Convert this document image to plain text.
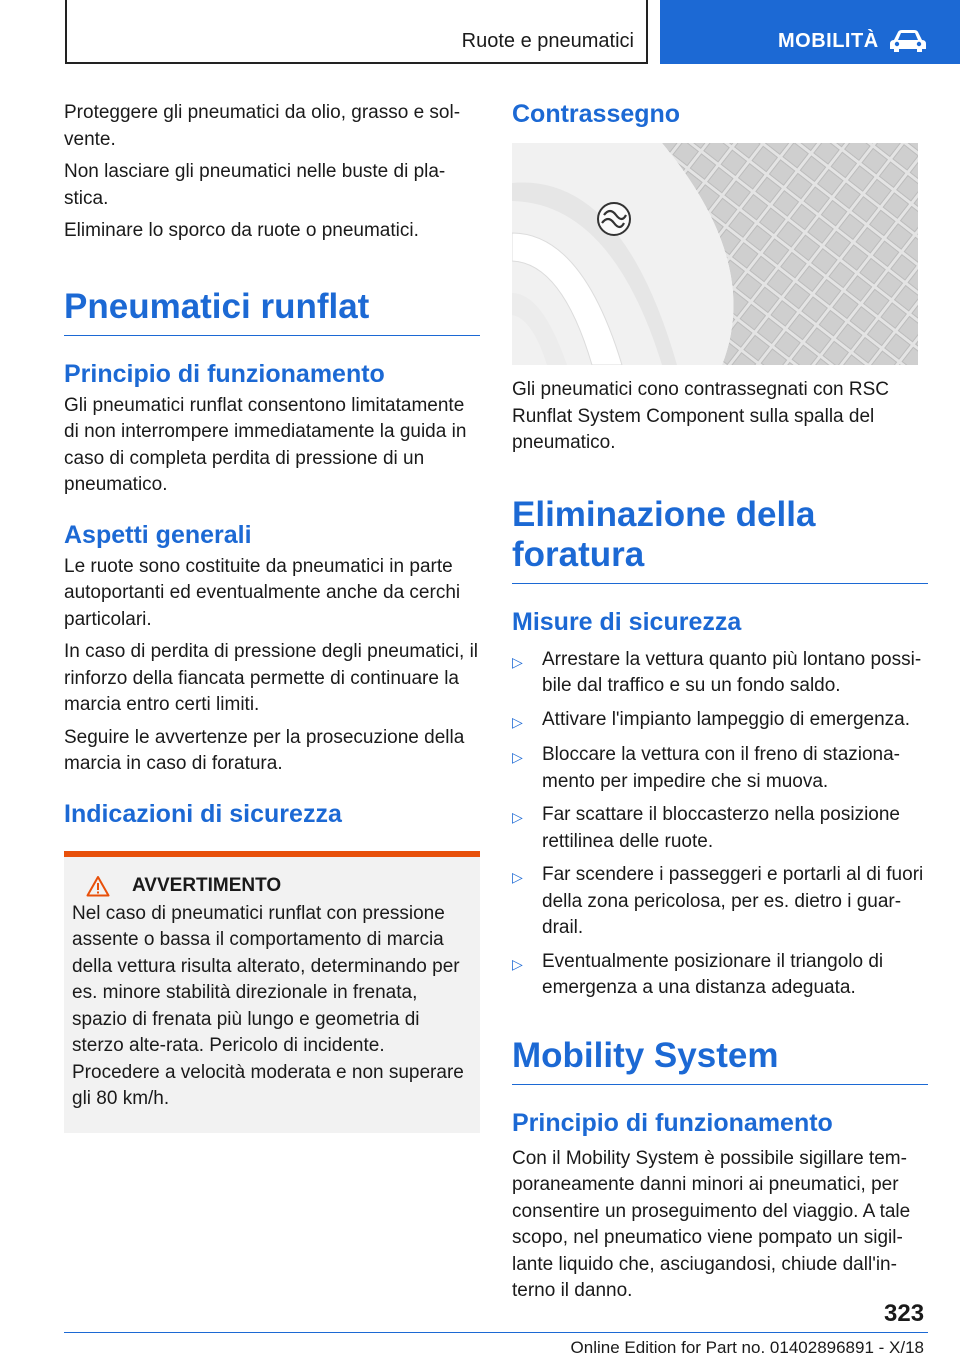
Ruote e pneumatici	MOBILITÀ

Proteggere gli pneumatici da olio, grasso e sol-vente.

Non lasciare gli pneumatici nelle buste di pla-stica.

Eliminare lo sporco da ruote o pneumatici.

Pneumatici runflat
Principio di funzionamento

Gli pneumatici runflat consentono limitatamente di non interrompere immediatamente la guida in caso di completa perdita di pressione di un pneumatico.

Aspetti generali

Le ruote sono costituite da pneumatici in parte autoportanti ed eventualmente anche da cerchi particolari.

In caso di perdita di pressione degli pneumatici, il rinforzo della fiancata permette di continuare la marcia entro certi limiti.

Seguire le avvertenze per la prosecuzione della marcia in caso di foratura.

Indicazioni di sicurezza
AVVERTIMENTO

Nel caso di pneumatici runflat con pressione assente o bassa il comportamento di marcia della vettura risulta alterato, determinando per es. minore stabilità direzionale in frenata, spazio di frenata più lungo e geometria di sterzo alte-rata. Pericolo di incidente. Procedere a velocità moderata e non superare gli 80 km/h.

Contrassegno

Gli pneumatici cono contrassegnati con RSC Runflat System Component sulla spalla del pneumatico.

Eliminazione della foratura
Misure di sicurezza
▷	Arrestare la vettura quanto più lontano possi-bile dal traffico e su un fondo saldo.
▷	Attivare l'impianto lampeggio di emergenza.
▷	Bloccare la vettura con il freno di staziona-mento per impedire che si muova.
▷	Far scattare il bloccasterzo nella posizione rettilinea delle ruote.
▷	Far scendere i passeggeri e portarli al di fuori della zona pericolosa, per es. dietro i guar-drail.
▷	Eventualmente posizionare il triangolo di emergenza a una distanza adeguata.
Mobility System
Principio di funzionamento

Con il Mobility System è possibile sigillare tem-poraneamente danni minori ai pneumatici, per consentire un proseguimento del viaggio. A tale scopo, nel pneumatico viene pompato un sigil-lante liquido che, asciugandosi, chiude dall'in-terno il danno.

323
Online Edition for Part no. 01402896891 - X/18
